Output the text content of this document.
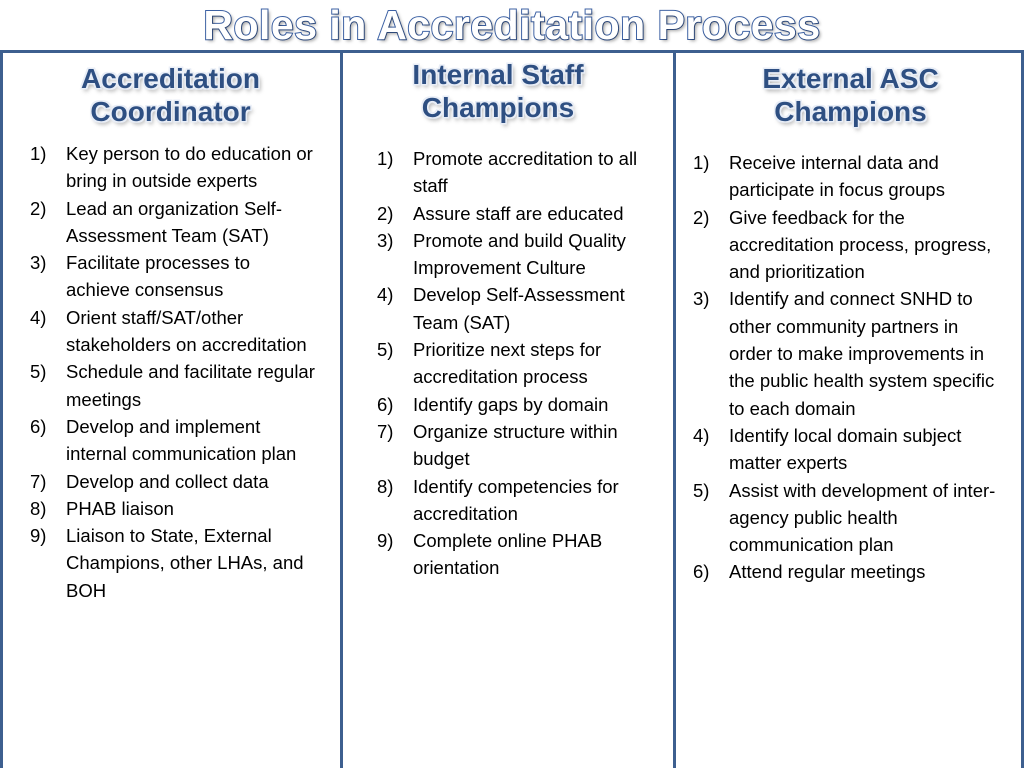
Roles in Accreditation Process
Accreditation
Coordinator
1) Key person to do education or bring in outside experts
2) Lead an organization Self-Assessment Team (SAT)
3) Facilitate processes to achieve consensus
4) Orient staff/SAT/other stakeholders on accreditation
5) Schedule and facilitate regular meetings
6) Develop and implement internal communication plan
7) Develop and collect data
8) PHAB liaison
9) Liaison to State, External Champions, other LHAs, and BOH
Internal Staff
Champions
1) Promote accreditation to all staff
2) Assure staff are educated
3) Promote and build Quality Improvement Culture
4) Develop Self-Assessment Team (SAT)
5) Prioritize next steps for accreditation process
6) Identify gaps by domain
7) Organize structure within budget
8) Identify competencies for accreditation
9) Complete online PHAB orientation
External ASC
Champions
1) Receive internal data and participate in focus groups
2) Give feedback for the accreditation process, progress, and prioritization
3) Identify and connect SNHD to other community partners in order to make improvements in the public health system specific to each domain
4) Identify local domain subject matter experts
5) Assist with development of inter-agency public health communication plan
6) Attend regular meetings
